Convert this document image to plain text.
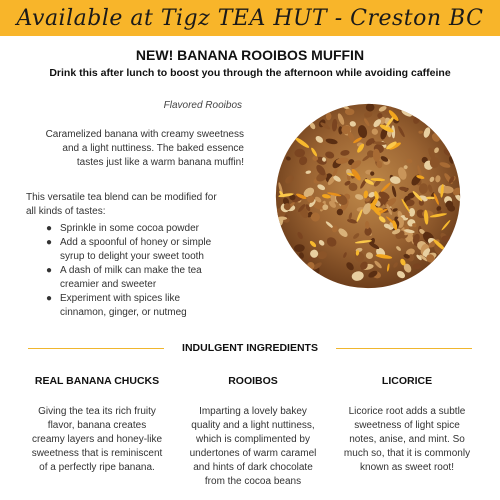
Available at Tigz TEA HUT - Creston BC
NEW! BANANA ROOIBOS MUFFIN
Drink this after lunch to boost you through the afternoon while avoiding caffeine
Flavored Rooibos
Caramelized banana with creamy sweetness
and a light nuttiness. The baked essence
tastes just like a warm banana muffin!
This versatile tea blend can be modified for
all kinds of tastes:
● Sprinkle in some cocoa powder
● Add a spoonful of honey or simple
syrup to delight your sweet tooth
● A dash of milk can make the tea
creamier and sweeter
● Experiment with spices like
cinnamon, ginger, or nutmeg
INDULGENT INGREDIENTS
REAL BANANA CHUCKS	ROOIBOS	LICORICE
Giving the tea its rich fruity
flavor, banana creates
creamy layers and honey-like
sweetness that is reminiscent
of a perfectly ripe banana.
Imparting a lovely bakey
quality and a light nuttiness,
which is complimented by
undertones of warm caramel
and hints of dark chocolate
from the cocoa beans
Licorice root adds a subtle
sweetness of light spice
notes, anise, and mint. So
much so, that it is commonly
known as sweet root!
